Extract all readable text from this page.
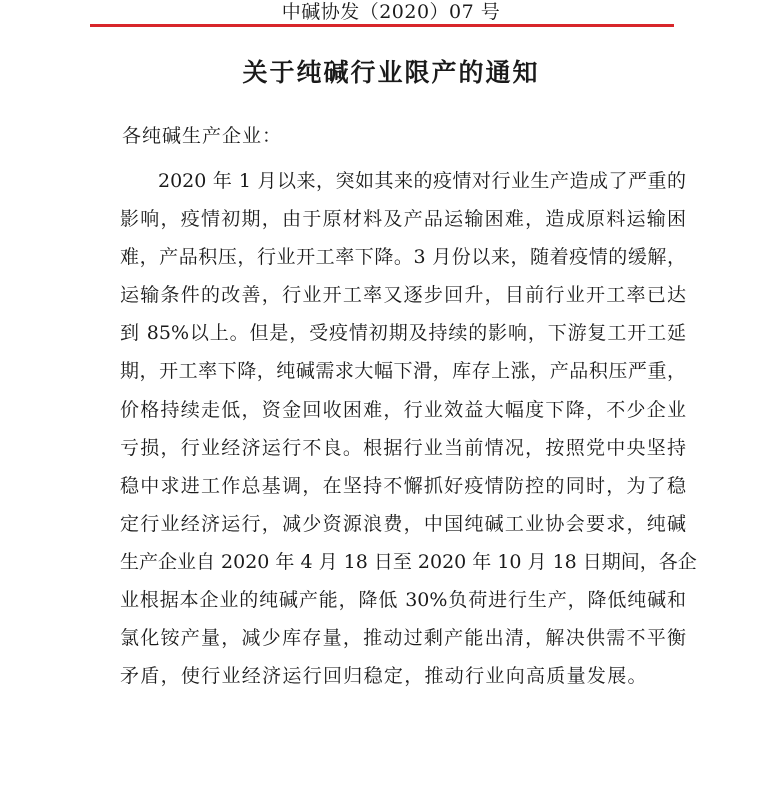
中碱协发（2020）07 号
关于纯碱行业限产的通知
各纯碱生产企业：
2020 年 1 月以来，突如其来的疫情对行业生产造成了严重的
影响，疫情初期，由于原材料及产品运输困难，造成原料运输困
难，产品积压，行业开工率下降。3 月份以来，随着疫情的缓解，
运输条件的改善，行业开工率又逐步回升，目前行业开工率已达
到 85%以上。但是，受疫情初期及持续的影响，下游复工开工延
期，开工率下降，纯碱需求大幅下滑，库存上涨，产品积压严重，
价格持续走低，资金回收困难，行业效益大幅度下降，不少企业
亏损，行业经济运行不良。根据行业当前情况，按照党中央坚持
稳中求进工作总基调，在坚持不懈抓好疫情防控的同时，为了稳
定行业经济运行，减少资源浪费，中国纯碱工业协会要求，纯碱
生产企业自 2020 年 4 月 18 日至 2020 年 10 月 18 日期间，各企
业根据本企业的纯碱产能，降低 30%负荷进行生产，降低纯碱和
氯化铵产量，减少库存量，推动过剩产能出清，解决供需不平衡
矛盾，使行业经济运行回归稳定，推动行业向高质量发展。
